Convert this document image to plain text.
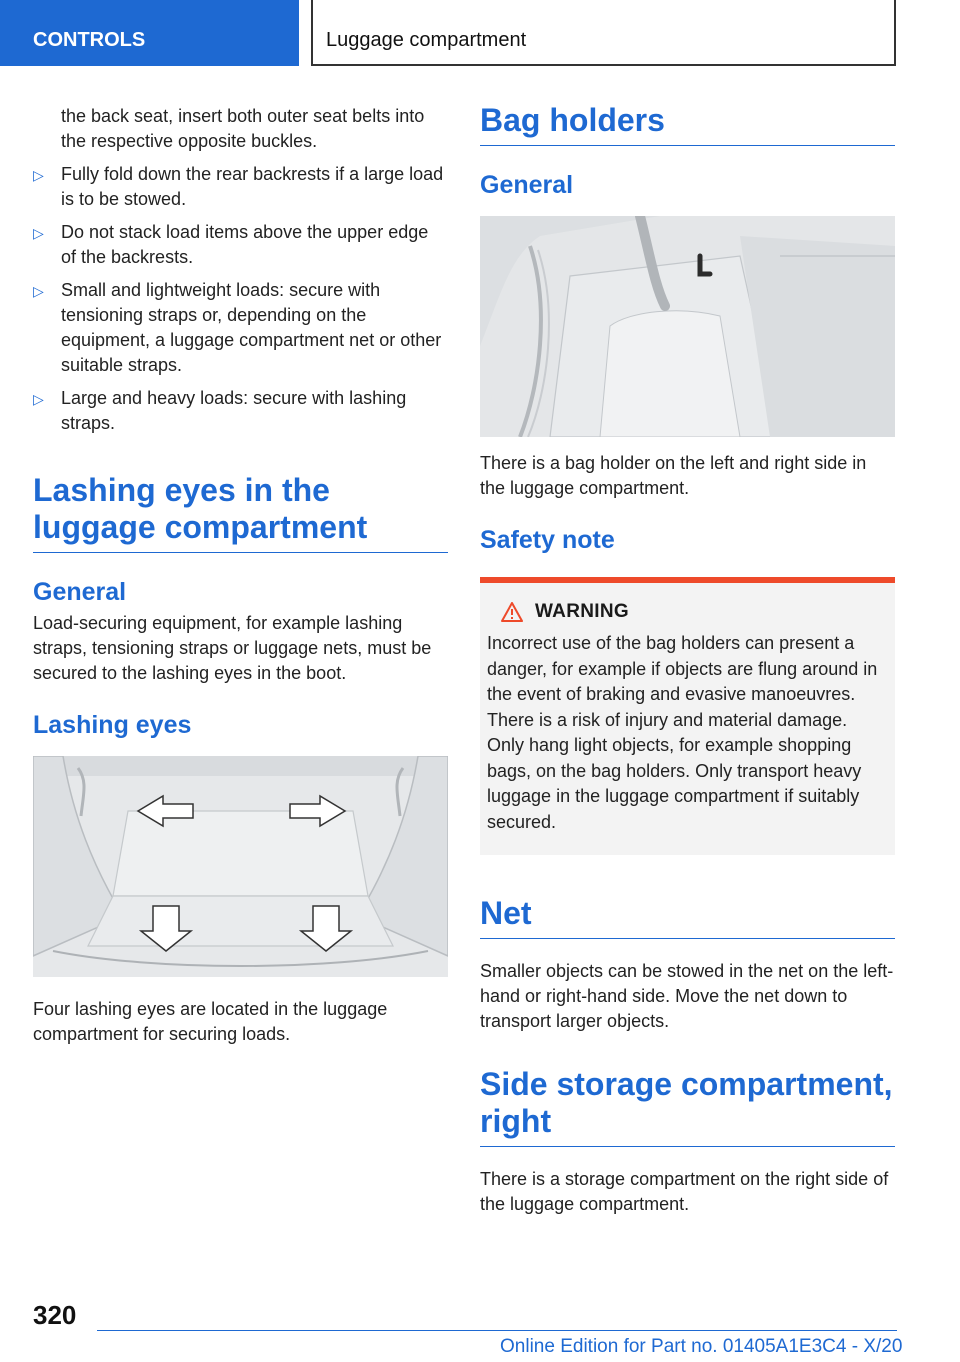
CONTROLS	Luggage compartment

the back seat, insert both outer seat belts into the respective opposite buckles.

▷ Fully fold down the rear backrests if a large load is to be stowed.
▷ Do not stack load items above the upper edge of the backrests.
▷ Small and lightweight loads: secure with tensioning straps or, depending on the equipment, a luggage compartment net or other suitable straps.
▷ Large and heavy loads: secure with lashing straps.
Lashing eyes in the luggage compartment
General

Load-securing equipment, for example lashing straps, tensioning straps or luggage nets, must be secured to the lashing eyes in the boot.

Lashing eyes

Four lashing eyes are located in the luggage compartment for securing loads.

Bag holders
General

There is a bag holder on the left and right side in the luggage compartment.

Safety note
WARNING

Incorrect use of the bag holders can present a danger, for example if objects are flung around in the event of braking and evasive manoeuvres. There is a risk of injury and material damage. Only hang light objects, for example shopping bags, on the bag holders. Only transport heavy luggage in the luggage compartment if suitably secured.

Net

Smaller objects can be stowed in the net on the left-hand or right-hand side. Move the net down to transport larger objects.

Side storage compartment, right

There is a storage compartment on the right side of the luggage compartment.

320
Online Edition for Part no. 01405A1E3C4 - X/20
